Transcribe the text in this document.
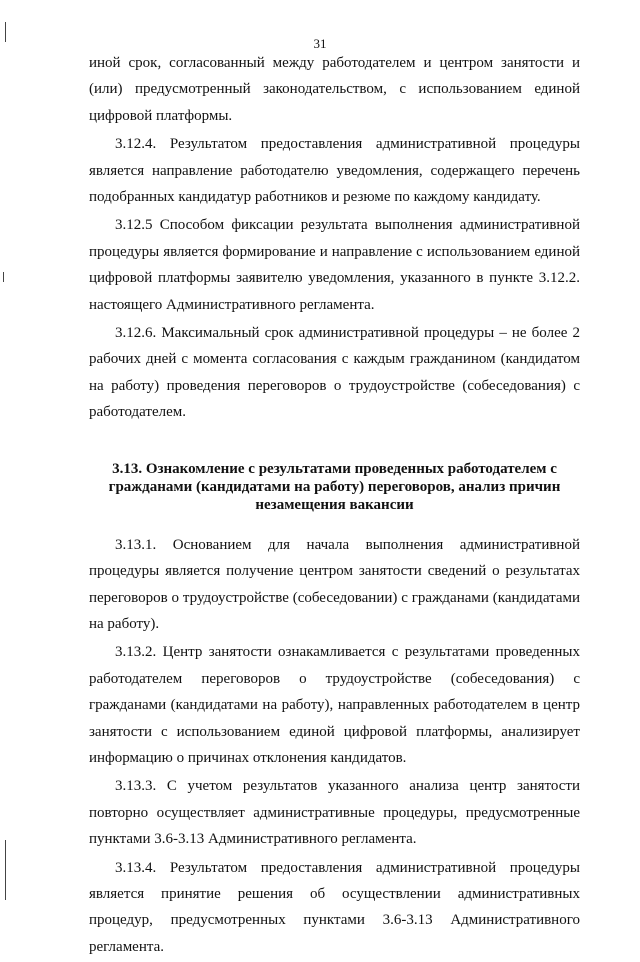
31

иной срок, согласованный между работодателем и центром занятости и (или) предусмотренный законодательством, с использованием единой цифровой платформы.

3.12.4. Результатом предоставления административной процедуры является направление работодателю уведомления, содержащего перечень подобранных кандидатур работников и резюме по каждому кандидату.

3.12.5 Способом фиксации результата выполнения административной процедуры является формирование и направление с использованием единой цифровой платформы заявителю уведомления, указанного в пункте 3.12.2. настоящего Административного регламента.

3.12.6. Максимальный срок административной процедуры – не более 2 рабочих дней с момента согласования с каждым гражданином (кандидатом на работу) проведения переговоров о трудоустройстве (собеседования) с работодателем.

3.13. Ознакомление с результатами проведенных работодателем с
гражданами (кандидатами на работу) переговоров, анализ причин
незамещения вакансии

3.13.1. Основанием для начала выполнения административной процедуры является получение центром занятости сведений о результатах переговоров о трудоустройстве (собеседовании) с гражданами (кандидатами на работу).

3.13.2. Центр занятости ознакамливается с результатами проведенных работодателем переговоров о трудоустройстве (собеседования) с гражданами (кандидатами на работу), направленных работодателем в центр занятости с использованием единой цифровой платформы, анализирует информацию о причинах отклонения кандидатов.

3.13.3. С учетом результатов указанного анализа центр занятости повторно осуществляет административные процедуры, предусмотренные пунктами 3.6-3.13 Административного регламента.

3.13.4. Результатом предоставления административной процедуры является принятие решения об осуществлении административных процедур, предусмотренных пунктами 3.6-3.13 Административного регламента.
